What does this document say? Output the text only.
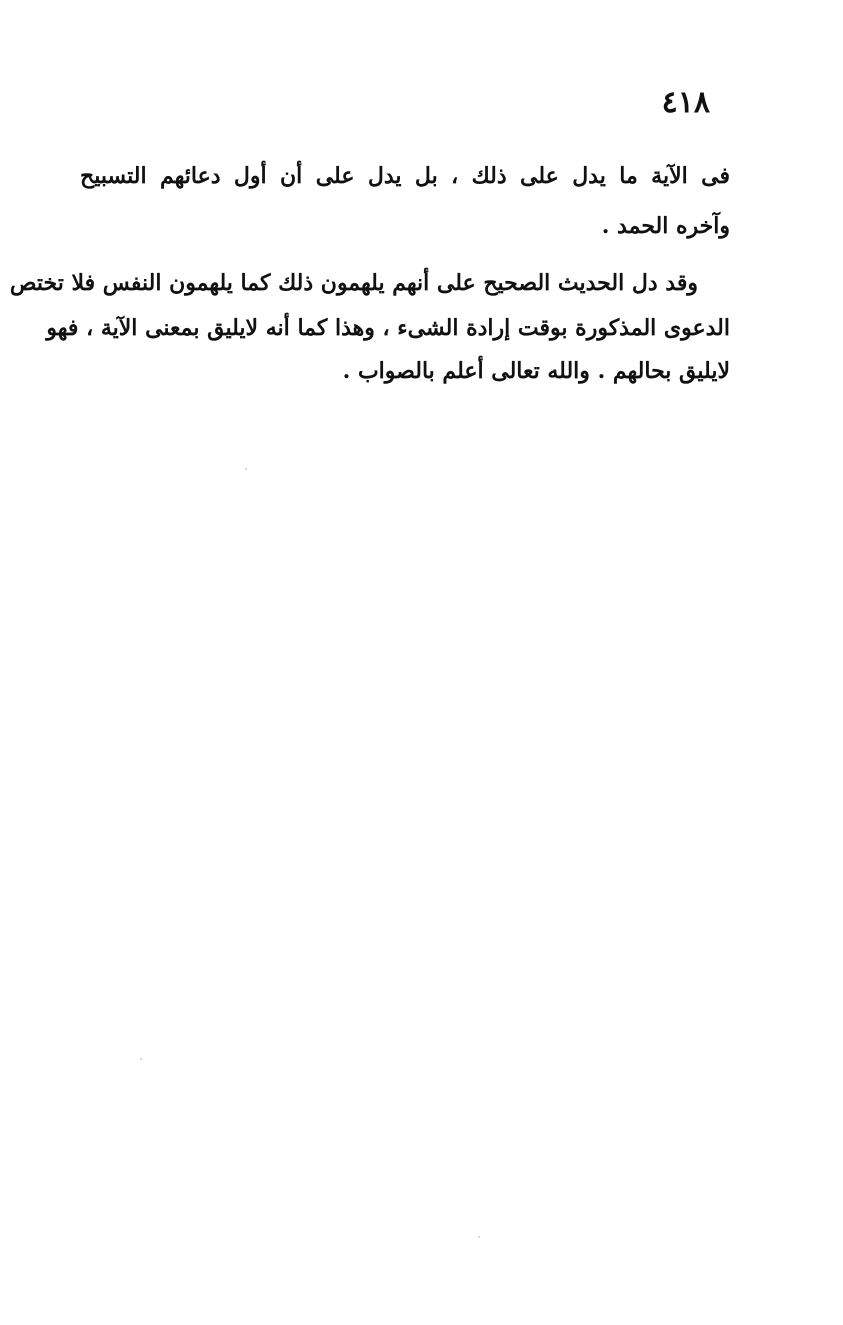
٤١٨
فى الآية ما يدل على ذلك ، بل يدل على أن أول دعائهم التسبيح
وآخره الحمد .
وقد دل الحديث الصحيح على أنهم يلهمون ذلك كما يلهمون النفس فلا تختص
الدعوى المذكورة بوقت إرادة الشىء ، وهذا كما أنه لايليق بمعنى الآية ، فهو
لايليق بحالهم . والله تعالى أعلم بالصواب .
